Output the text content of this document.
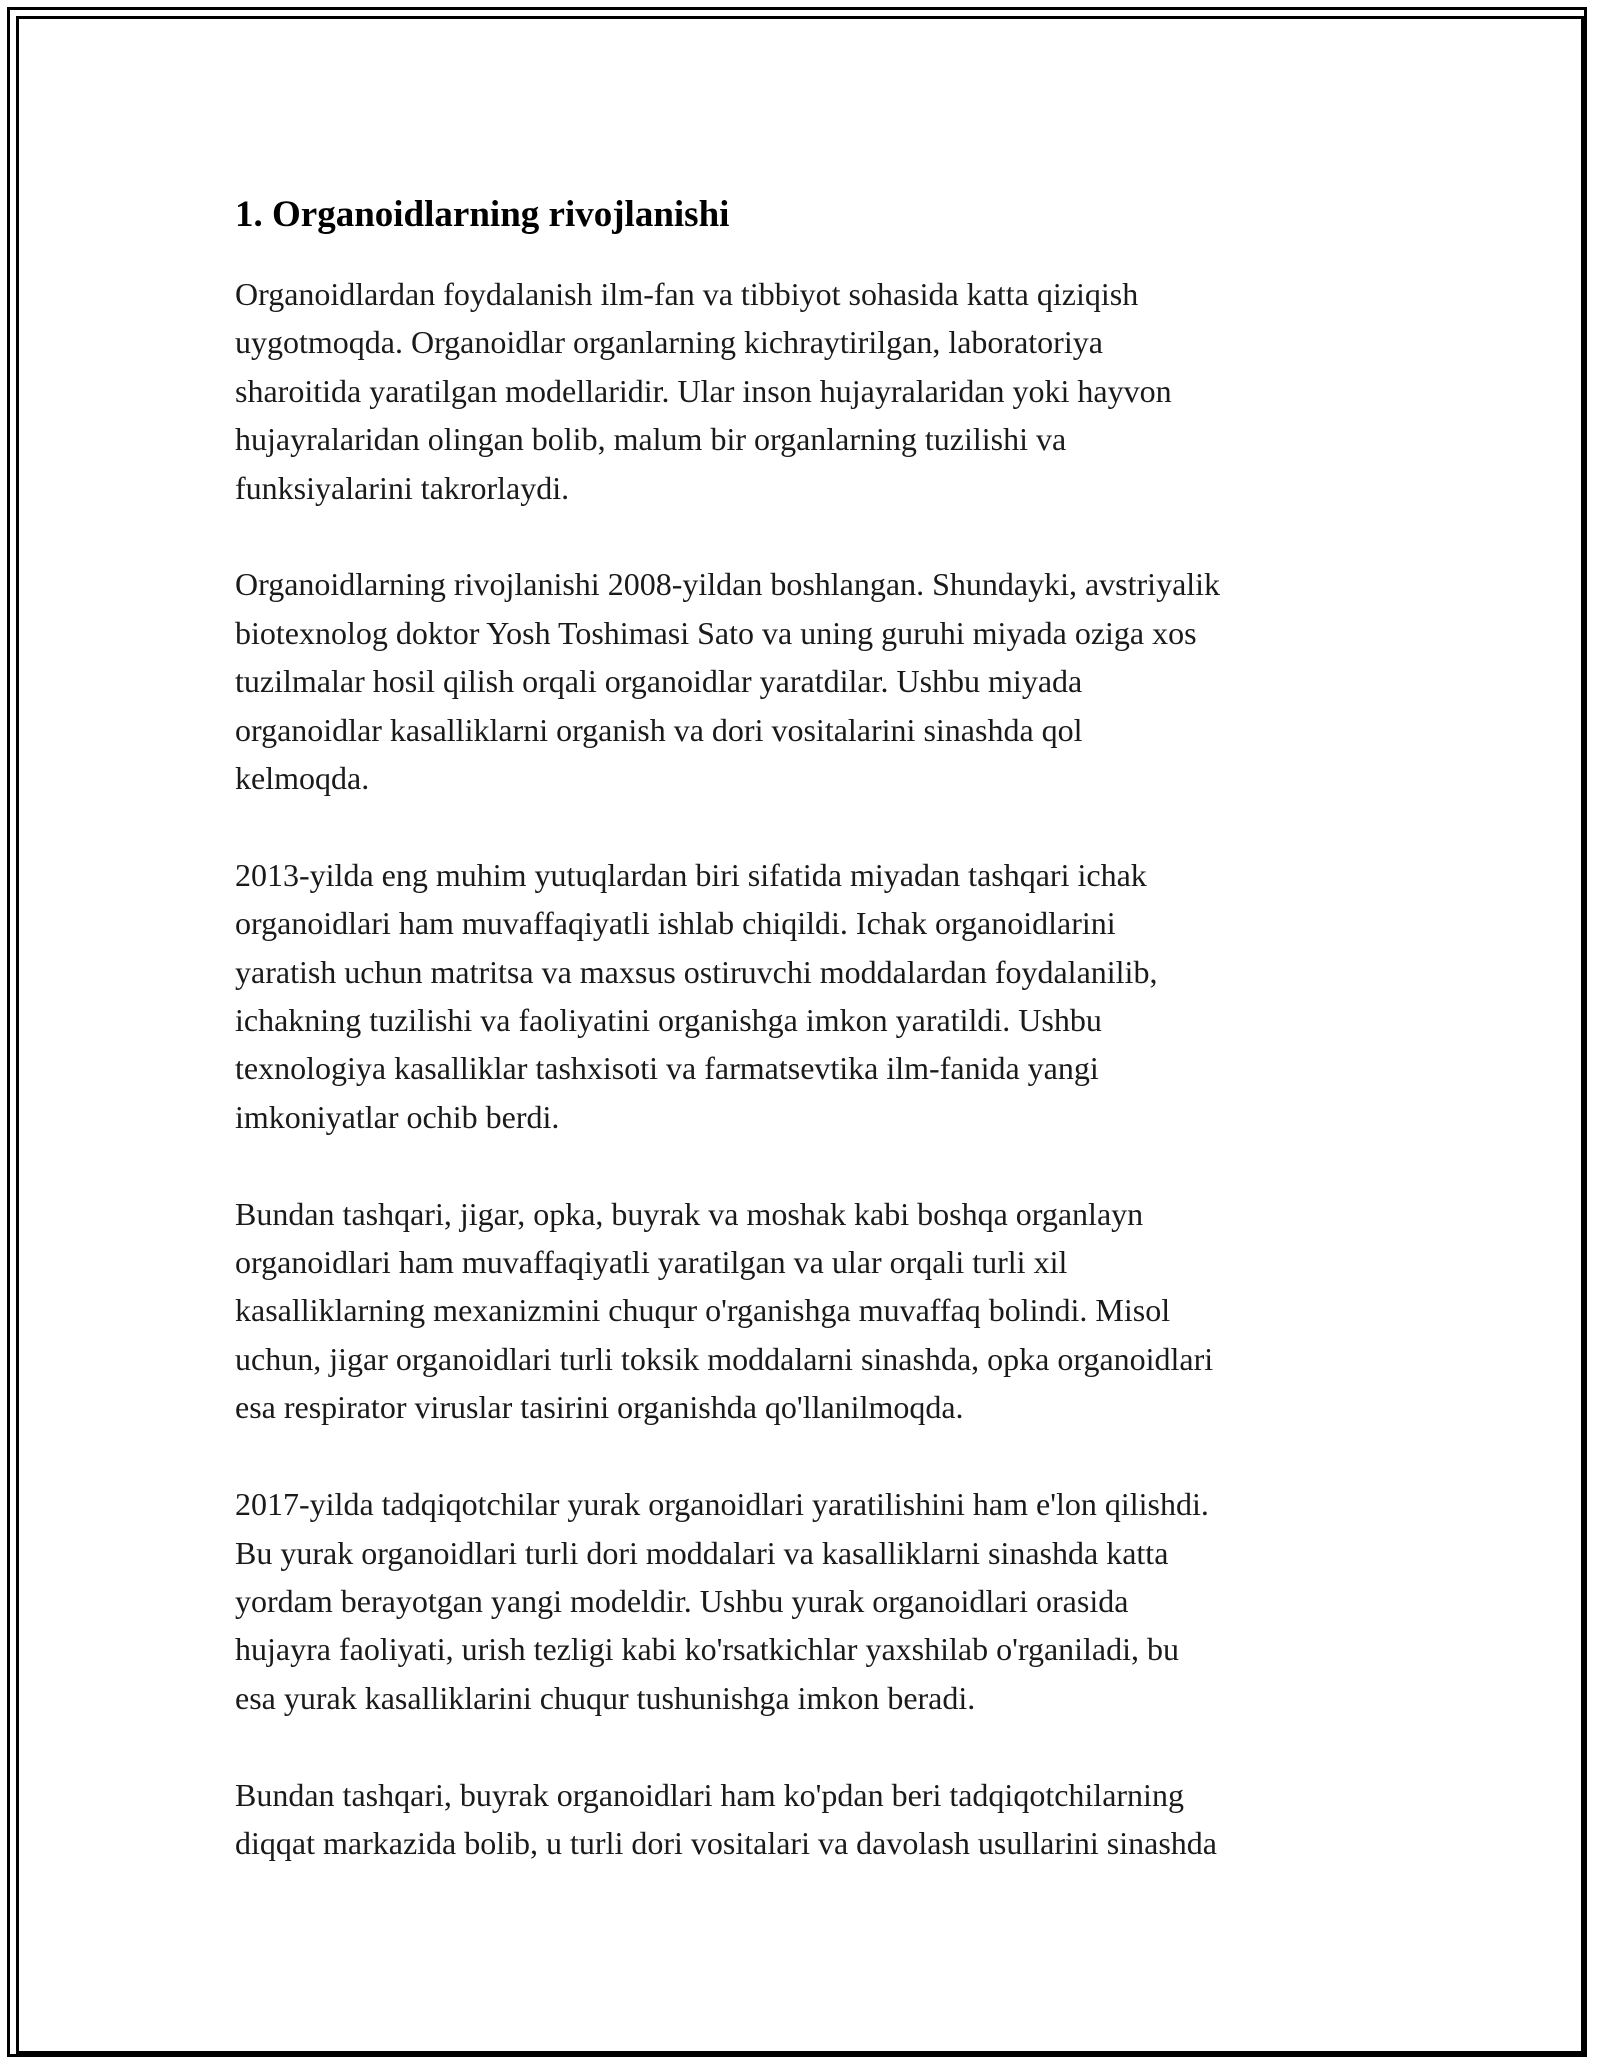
1. Organoidlarning rivojlanishi

Organoidlardan foydalanish ilm-fan va tibbiyot sohasida katta qiziqish
uygotmoqda. Organoidlar organlarning kichraytirilgan, laboratoriya
sharoitida yaratilgan modellaridir. Ular inson hujayralaridan yoki hayvon
hujayralaridan olingan bolib, malum bir organlarning tuzilishi va
funksiyalarini takrorlaydi.

Organoidlarning rivojlanishi 2008-yildan boshlangan. Shundayki, avstriyalik
biotexnolog doktor Yosh Toshimasi Sato va uning guruhi miyada oziga xos
tuzilmalar hosil qilish orqali organoidlar yaratdilar. Ushbu miyada
organoidlar kasalliklarni organish va dori vositalarini sinashda qol
kelmoqda.

2013-yilda eng muhim yutuqlardan biri sifatida miyadan tashqari ichak
organoidlari ham muvaffaqiyatli ishlab chiqildi. Ichak organoidlarini
yaratish uchun matritsa va maxsus ostiruvchi moddalardan foydalanilib,
ichakning tuzilishi va faoliyatini organishga imkon yaratildi. Ushbu
texnologiya kasalliklar tashxisoti va farmatsevtika ilm-fanida yangi
imkoniyatlar ochib berdi.

Bundan tashqari, jigar, opka, buyrak va moshak kabi boshqa organlayn
organoidlari ham muvaffaqiyatli yaratilgan va ular orqali turli xil
kasalliklarning mexanizmini chuqur o'rganishga muvaffaq bolindi. Misol
uchun, jigar organoidlari turli toksik moddalarni sinashda, opka organoidlari
esa respirator viruslar tasirini organishda qo'llanilmoqda.

2017-yilda tadqiqotchilar yurak organoidlari yaratilishini ham e'lon qilishdi.
Bu yurak organoidlari turli dori moddalari va kasalliklarni sinashda katta
yordam berayotgan yangi modeldir. Ushbu yurak organoidlari orasida
hujayra faoliyati, urish tezligi kabi ko'rsatkichlar yaxshilab o'rganiladi, bu
esa yurak kasalliklarini chuqur tushunishga imkon beradi.

Bundan tashqari, buyrak organoidlari ham ko'pdan beri tadqiqotchilarning
diqqat markazida bolib, u turli dori vositalari va davolash usullarini sinashda
